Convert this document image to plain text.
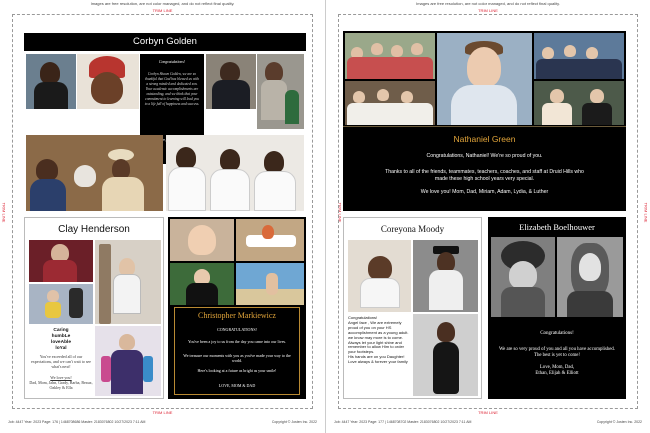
Images are free resolution, are not color managed, and do not reflect final quality.
TRIM LINE
TRIM LINE
TRIM LINE
Corbyn Golden
Congratulations!
Corbyn Shawn Golden, we are so thankful that God has blessed us with a strong minded and dedicated son. Your academic accomplishments are outstanding, and we think that your commitment to learning will lead you to a life full of happiness and success.
Clay Henderson
Caring
humbLe
loveAble
loYal
You've exceeded all of our expectations, and we can't wait to see what's next!
We love you!
Dad, Mom, Jahn, Grady, Barba, Beaux, Oakley & Ella
Christopher Markiewicz
CONGRATULATIONS!
You've been a joy to us from the day you came into our lives.
We treasure our moments with you as you've made your way to the world.
Here's looking at a future as bright as your smile!
LOVE, MOM & DAD
Job: 4447 Year: 2023 Page: 176 | 1468708686 Master: 2183076802 10/27/2023 7:11 AM	Copyright © Josten Inc. 2022
Images are free resolution, are not color managed, and do not reflect final quality.
TRIM LINE
TRIM LINE
TRIM LINE	TRIM LINE
Nathaniel Green
Congratulations, Nathaniel! We're so proud of you.
Thanks to all of the friends, teammates, teachers, coaches, and staff at Druid Hills who made these high school years very special.
We love you! Mom, Dad, Miriam, Adam, Lydia, & Luther
Coreyona Moody
Congratulations!
Angel face , We are extremely proud of you on your HS accomplishment as a young adult. we know may more is to come. Always let your light shine and remember to allow Him to order your footsteps.
His hands are on you Daughter!
Love always & forever your family
Elizabeth Boelhouwer
Congratulations!
We are so very proud of you and all you have accomplished. The best is yet to come!
Love, Mom, Dad,
Ethan, Elijah & Elliott
Job: 4447 Year: 2023 Page: 177 | 1468708702 Master: 2183076802 10/27/2023 7:11 AM	Copyright © Josten Inc. 2022
